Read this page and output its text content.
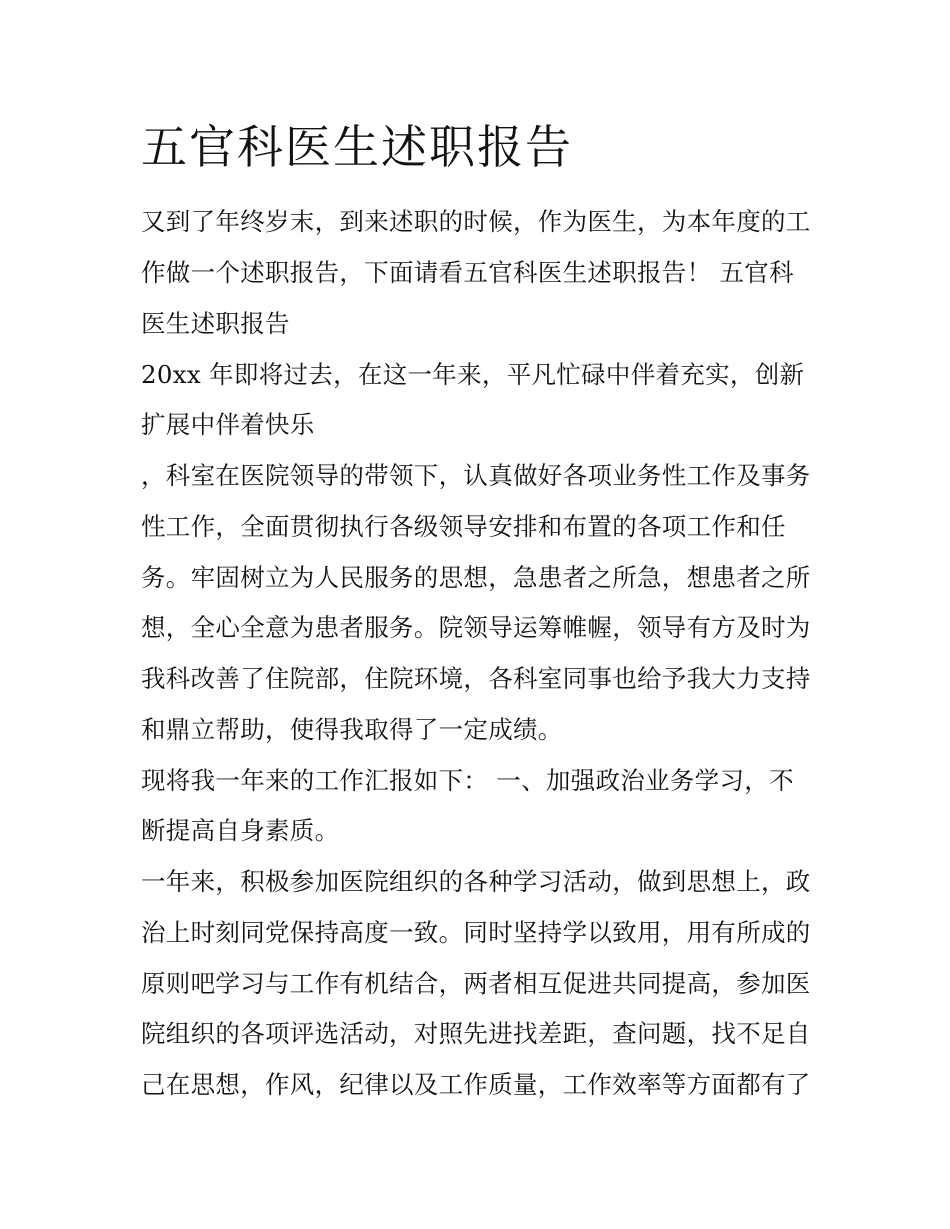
五官科医生述职报告
又到了年终岁末，到来述职的时候，作为医生，为本年度的工
作做一个述职报告，下面请看五官科医生述职报告！ 五官科
医生述职报告
20xx 年即将过去，在这一年来，平凡忙碌中伴着充实，创新
扩展中伴着快乐
，科室在医院领导的带领下，认真做好各项业务性工作及事务
性工作，全面贯彻执行各级领导安排和布置的各项工作和任
务。牢固树立为人民服务的思想，急患者之所急，想患者之所
想，全心全意为患者服务。院领导运筹帷幄，领导有方及时为
我科改善了住院部，住院环境，各科室同事也给予我大力支持
和鼎立帮助，使得我取得了一定成绩。
现将我一年来的工作汇报如下： 一、加强政治业务学习，不
断提高自身素质。
一年来，积极参加医院组织的各种学习活动，做到思想上，政
治上时刻同党保持高度一致。同时坚持学以致用，用有所成的
原则吧学习与工作有机结合，两者相互促进共同提高，参加医
院组织的各项评选活动，对照先进找差距，查问题，找不足自
己在思想，作风，纪律以及工作质量，工作效率等方面都有了
